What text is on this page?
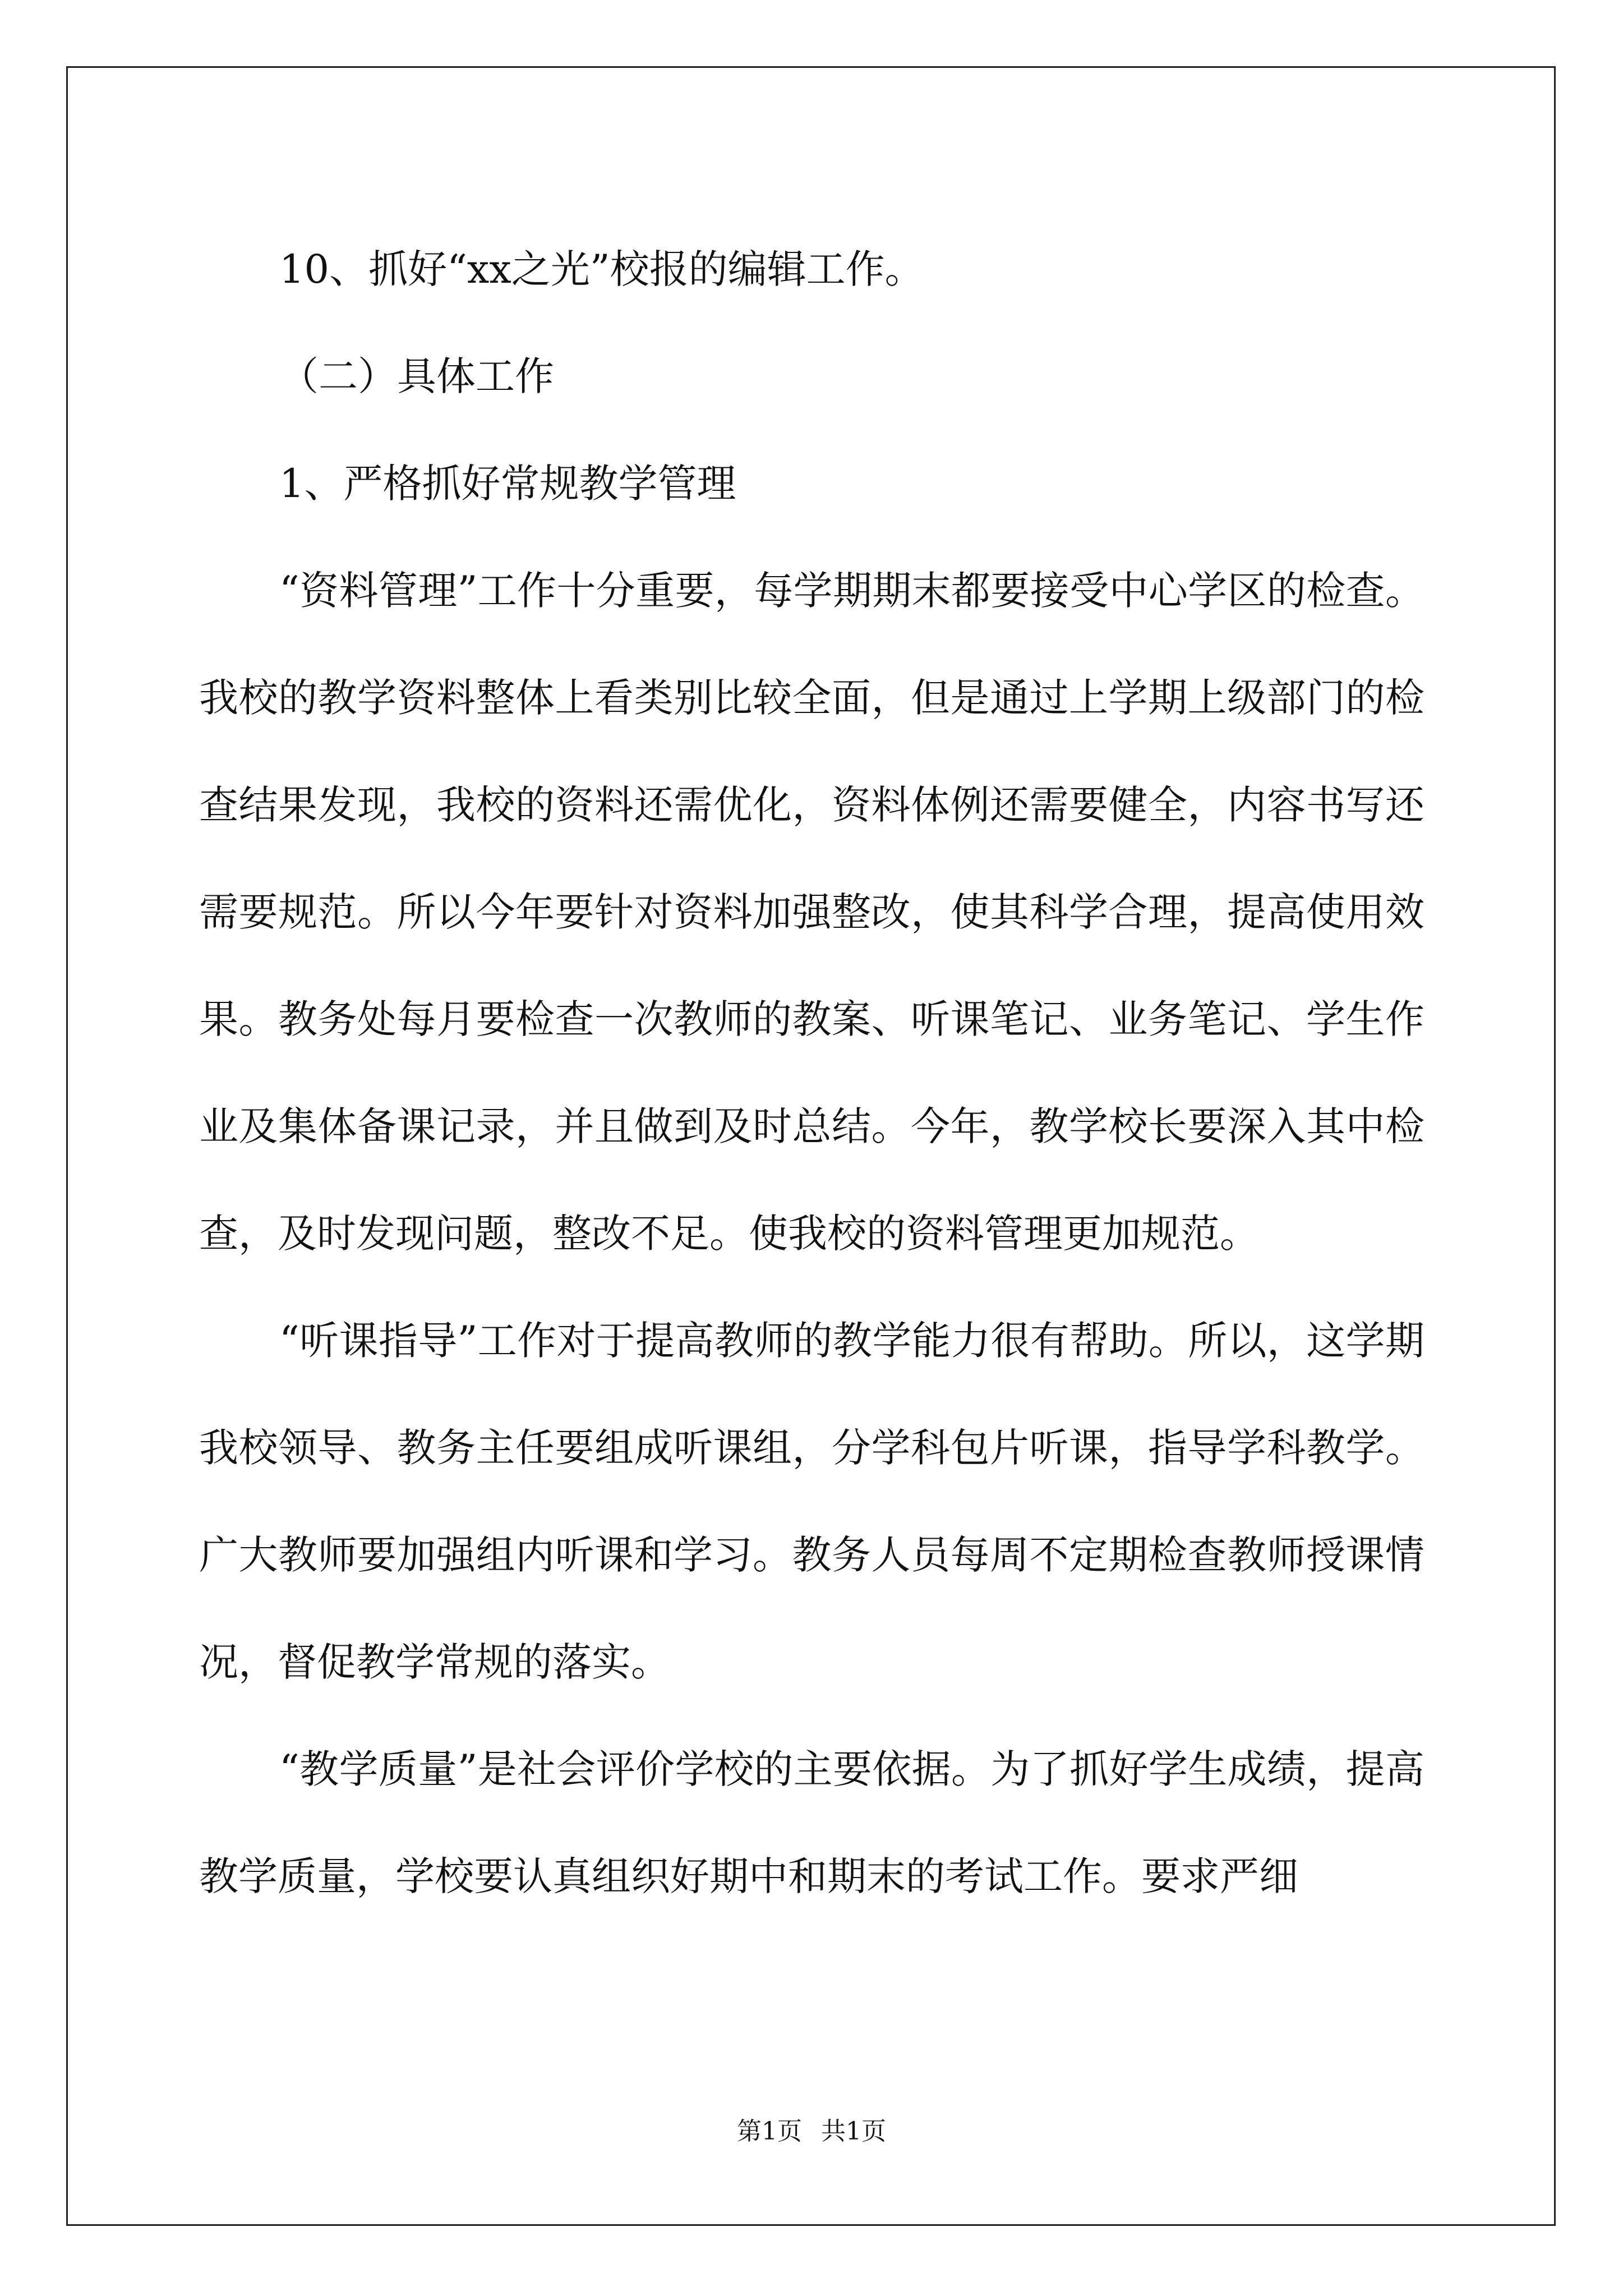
10、抓好“xx之光”校报的编辑工作。

（二）具体工作

1、严格抓好常规教学管理

“资料管理”工作十分重要，每学期期末都要接受中心学区的检查。我校的教学资料整体上看类别比较全面，但是通过上学期上级部门的检查结果发现，我校的资料还需优化，资料体例还需要健全，内容书写还需要规范。所以今年要针对资料加强整改，使其科学合理，提高使用效果。教务处每月要检查一次教师的教案、听课笔记、业务笔记、学生作业及集体备课记录，并且做到及时总结。今年，教学校长要深入其中检查，及时发现问题，整改不足。使我校的资料管理更加规范。

“听课指导”工作对于提高教师的教学能力很有帮助。所以，这学期我校领导、教务主任要组成听课组，分学科包片听课，指导学科教学。广大教师要加强组内听课和学习。教务人员每周不定期检查教师授课情况，督促教学常规的落实。

“教学质量”是社会评价学校的主要依据。为了抓好学生成绩，提高教学质量，学校要认真组织好期中和期末的考试工作。要求严细

第1页 共1页
